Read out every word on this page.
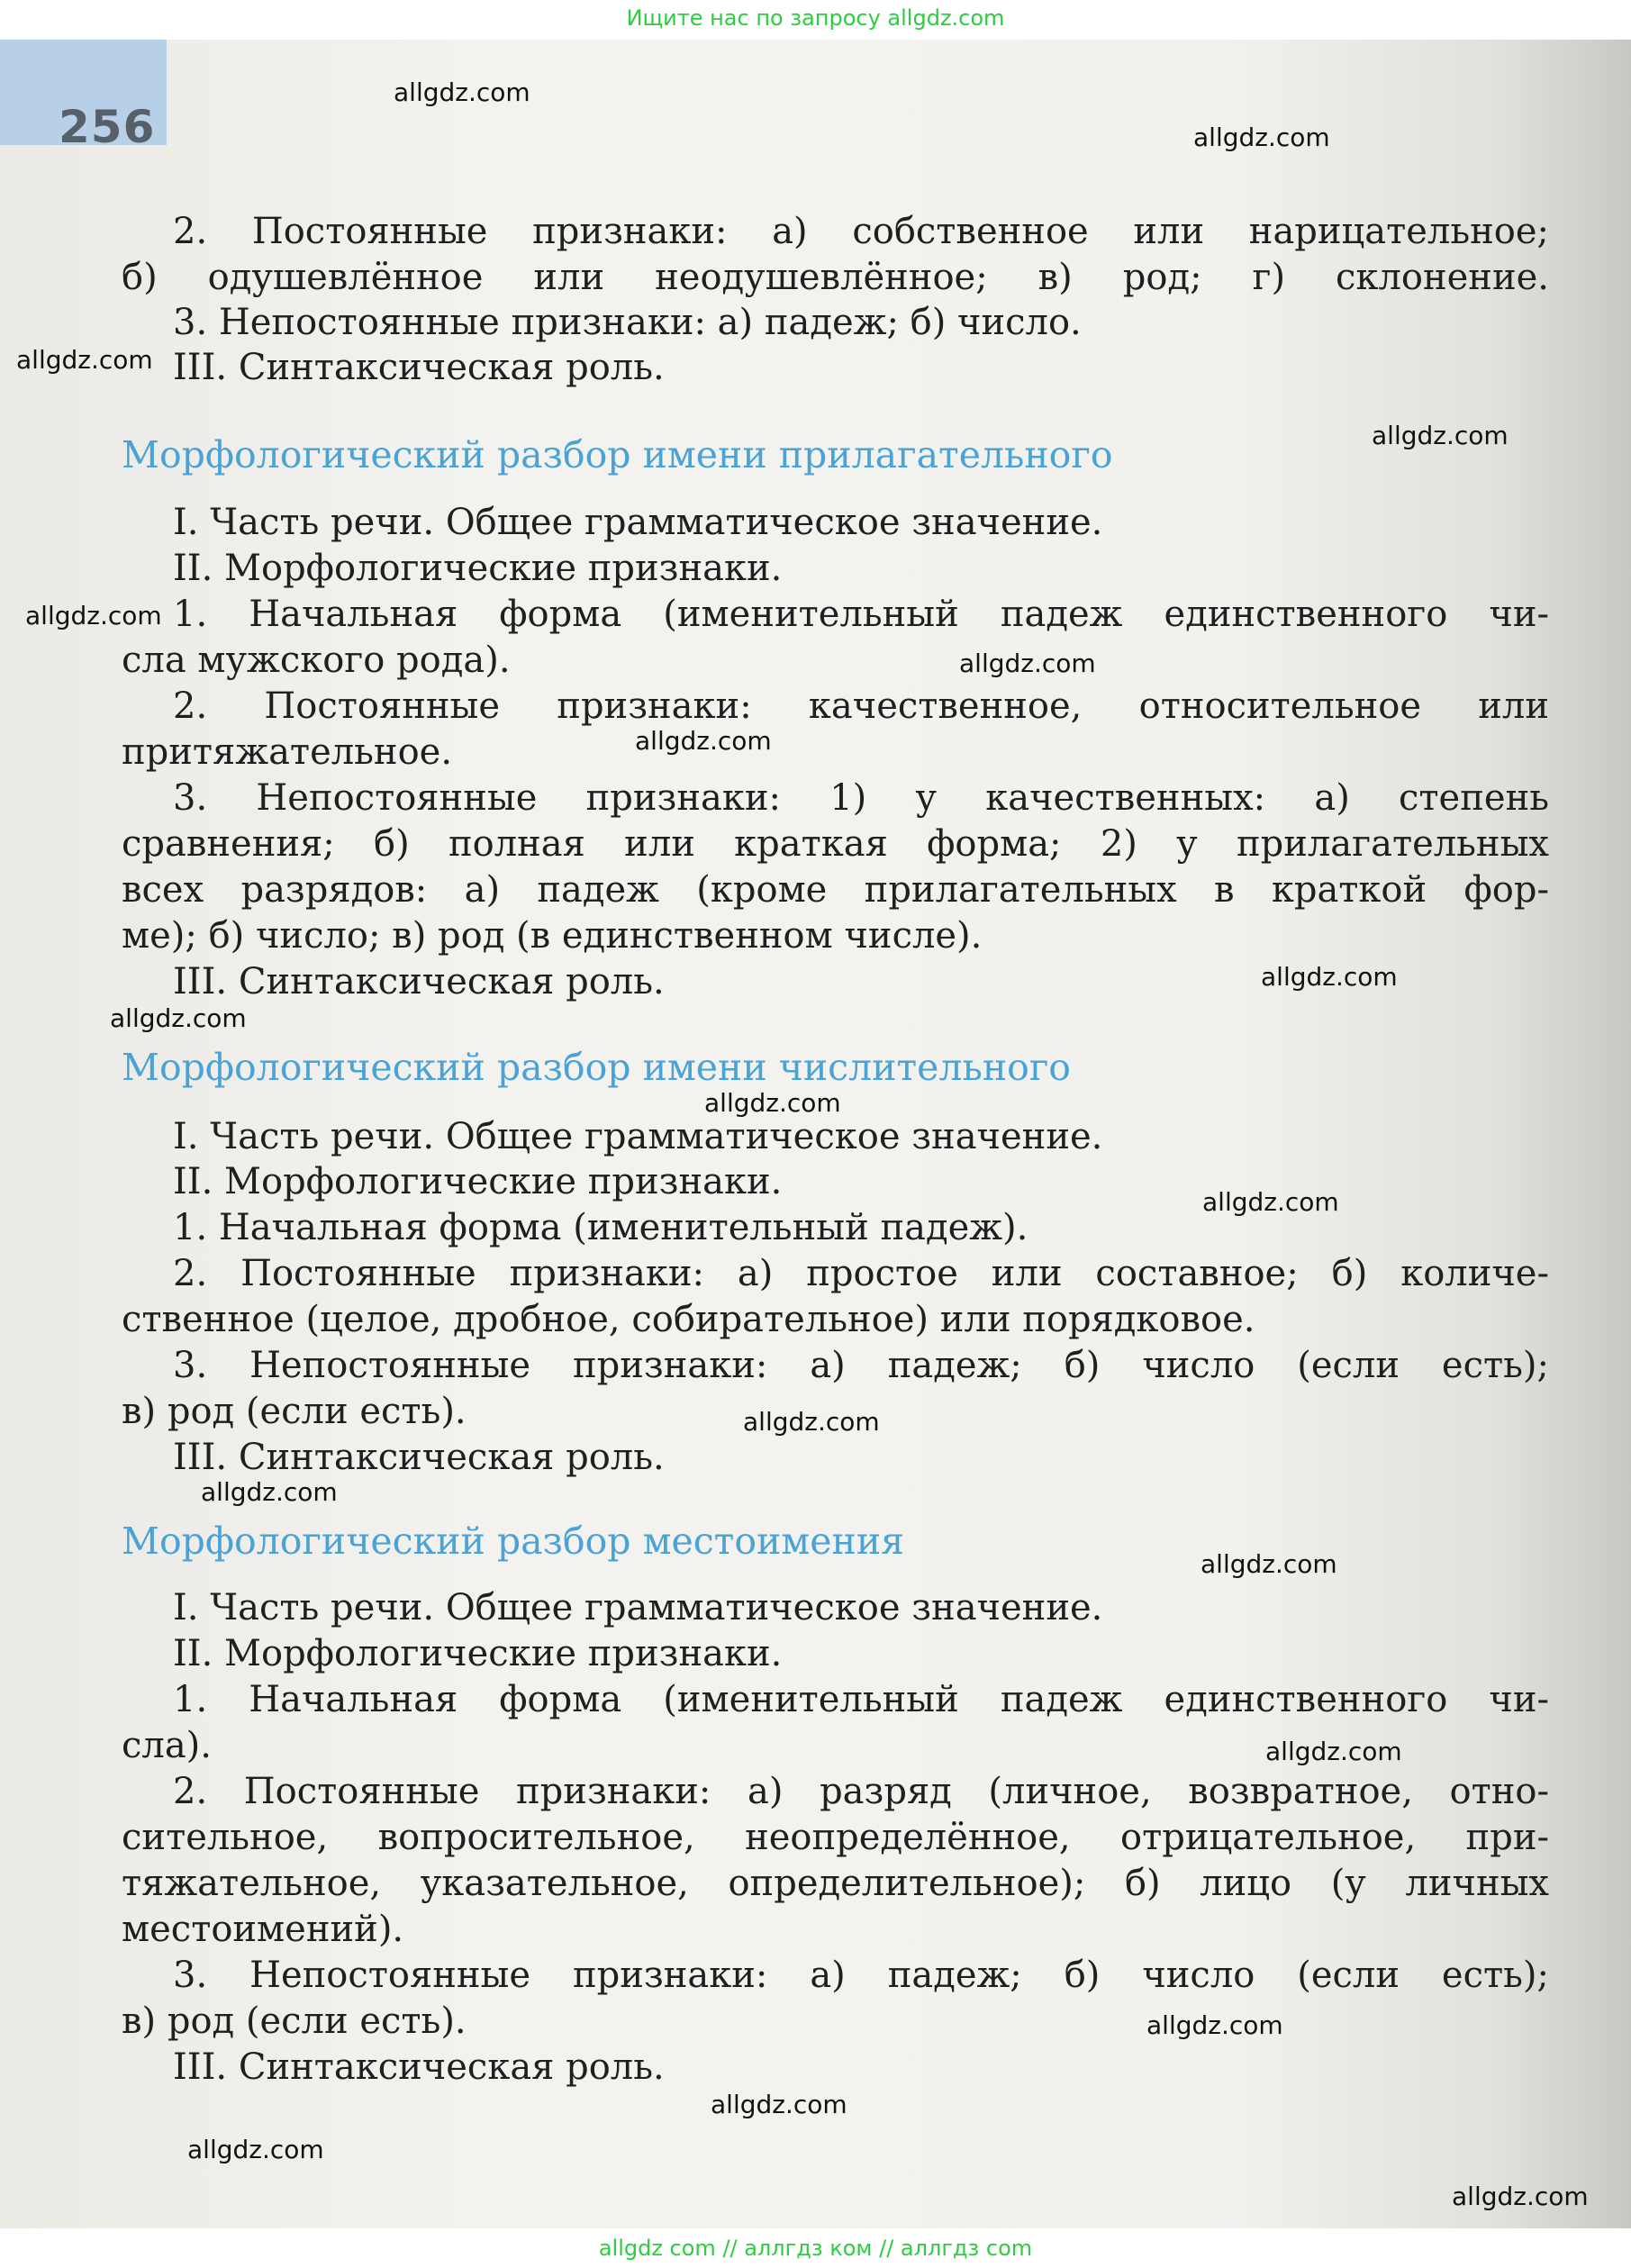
Ищите нас по запросу allgdz.com
256
2. Постоянные признаки: а) собственное или нарицательное;
б) одушевлённое или неодушевлённое; в) род; г) склонение.
3. Непостоянные признаки: а) падеж; б) число.
III. Синтаксическая роль.
Морфологический разбор имени прилагательного
I. Часть речи. Общее грамматическое значение.
II. Морфологические признаки.
1. Начальная форма (именительный падеж единственного чи-
сла мужского рода).
2. Постоянные признаки: качественное, относительное или
притяжательное.
3. Непостоянные признаки: 1) у качественных: а) степень
сравнения; б) полная или краткая форма; 2) у прилагательных
всех разрядов: а) падеж (кроме прилагательных в краткой фор-
ме); б) число; в) род (в единственном числе).
III. Синтаксическая роль.
Морфологический разбор имени числительного
I. Часть речи. Общее грамматическое значение.
II. Морфологические признаки.
1. Начальная форма (именительный падеж).
2. Постоянные признаки: а) простое или составное; б) количе-
ственное (целое, дробное, собирательное) или порядковое.
3. Непостоянные признаки: а) падеж; б) число (если есть);
в) род (если есть).
III. Синтаксическая роль.
Морфологический разбор местоимения
I. Часть речи. Общее грамматическое значение.
II. Морфологические признаки.
1. Начальная форма (именительный падеж единственного чи-
сла).
2. Постоянные признаки: а) разряд (личное, возвратное, отно-
сительное, вопросительное, неопределённое, отрицательное, при-
тяжательное, указательное, определительное); б) лицо (у личных
местоимений).
3. Непостоянные признаки: а) падеж; б) число (если есть);
в) род (если есть).
III. Синтаксическая роль.
allgdz.com
allgdz.com
allgdz.com
allgdz.com
allgdz.com
allgdz.com
allgdz.com
allgdz.com
allgdz.com
allgdz.com
allgdz.com
allgdz.com
allgdz.com
allgdz.com
allgdz.com
allgdz.com
allgdz.com
allgdz.com
allgdz.com
allgdz com // аллгдз ком // аллгдз com
